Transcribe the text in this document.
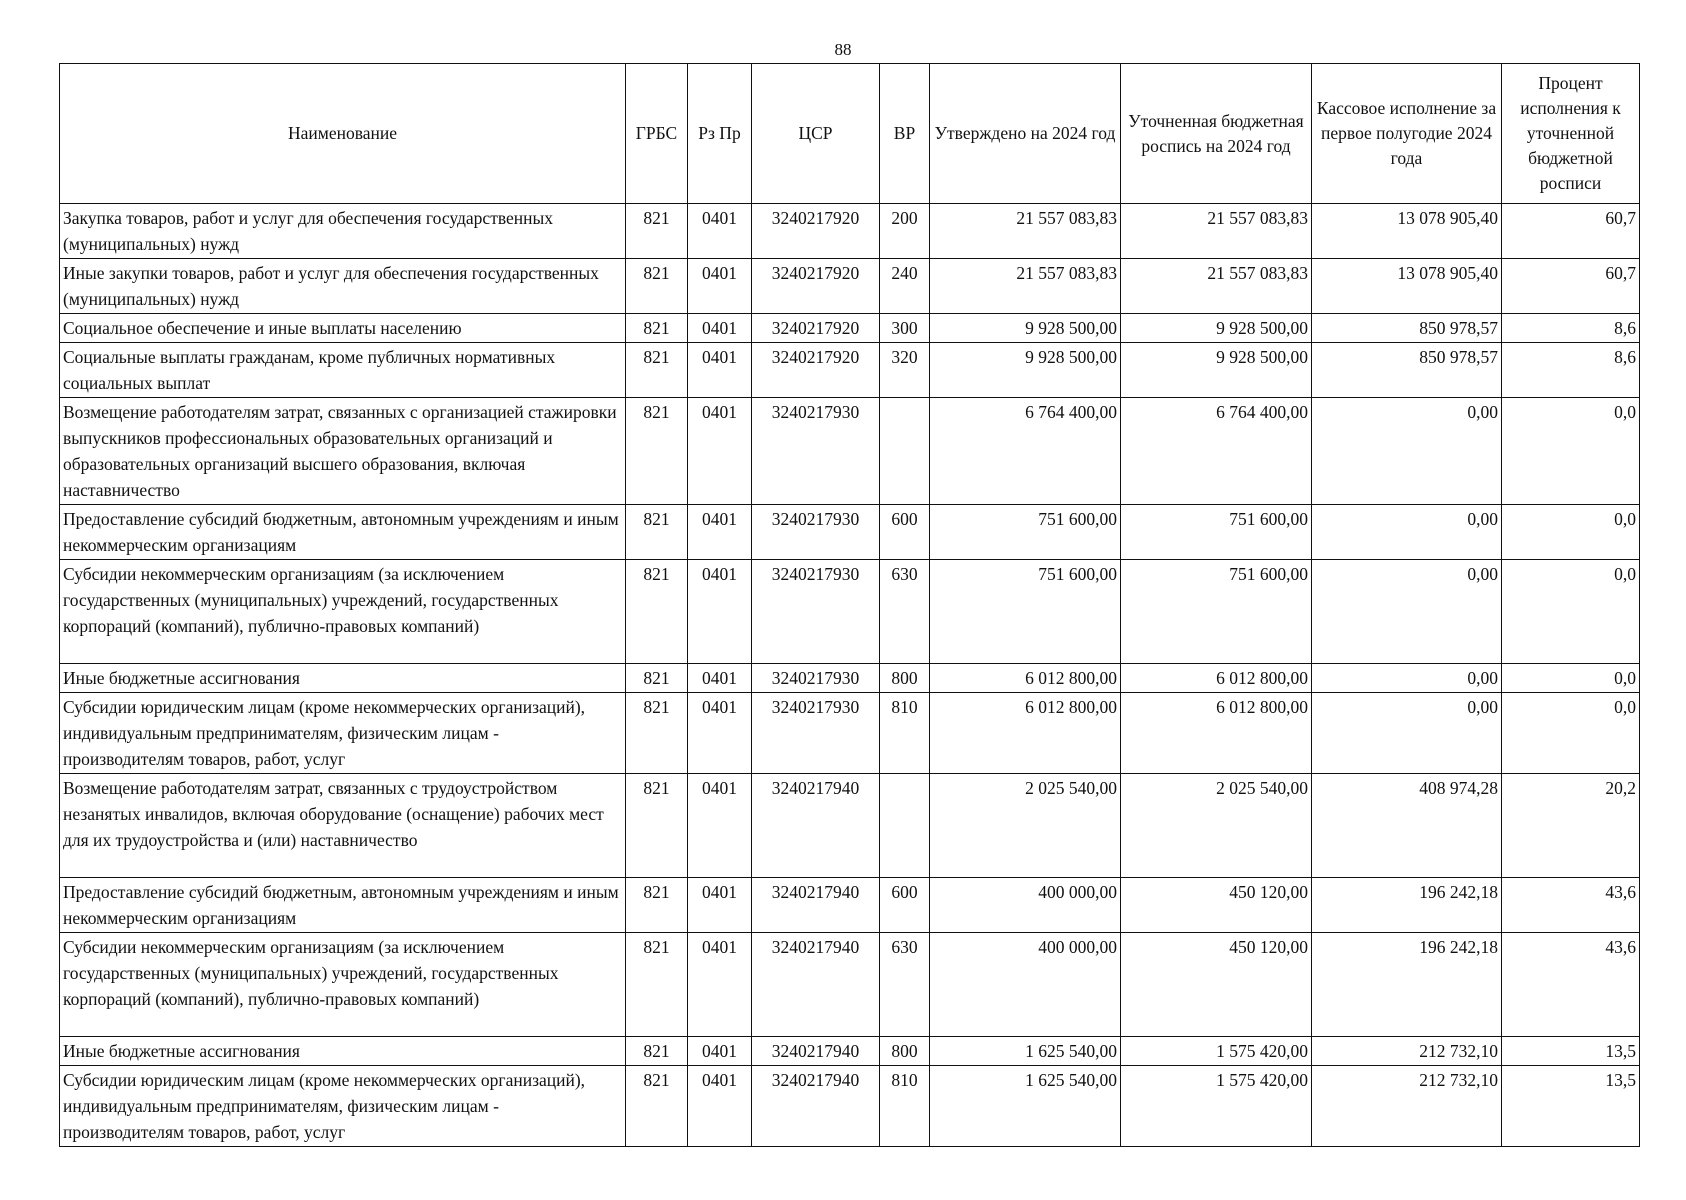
88
Наименование	ГРБС	Рз Пр	ЦСР	ВР	Утверждено на 2024 год	Уточненная бюджетная роспись на 2024 год	Кассовое исполнение за первое полугодие 2024 года	Процент исполнения к уточненной бюджетной росписи
Закупка товаров, работ и услуг для обеспечения государственных (муниципальных) нужд	821	0401	3240217920	200	21 557 083,83	21 557 083,83	13 078 905,40	60,7
Иные закупки товаров, работ и услуг для обеспечения государственных (муниципальных) нужд	821	0401	3240217920	240	21 557 083,83	21 557 083,83	13 078 905,40	60,7
Социальное обеспечение и иные выплаты населению	821	0401	3240217920	300	9 928 500,00	9 928 500,00	850 978,57	8,6
Социальные выплаты гражданам, кроме публичных нормативных социальных выплат	821	0401	3240217920	320	9 928 500,00	9 928 500,00	850 978,57	8,6
Возмещение работодателям затрат, связанных с организацией стажировки выпускников профессиональных образовательных организаций и образовательных организаций высшего образования, включая наставничество	821	0401	3240217930		6 764 400,00	6 764 400,00	0,00	0,0
Предоставление субсидий бюджетным, автономным учреждениям и иным некоммерческим организациям	821	0401	3240217930	600	751 600,00	751 600,00	0,00	0,0
Субсидии некоммерческим организациям (за исключением государственных (муниципальных) учреждений, государственных корпораций (компаний), публично-правовых компаний)	821	0401	3240217930	630	751 600,00	751 600,00	0,00	0,0
Иные бюджетные ассигнования	821	0401	3240217930	800	6 012 800,00	6 012 800,00	0,00	0,0
Субсидии юридическим лицам (кроме некоммерческих организаций), индивидуальным предпринимателям, физическим лицам - производителям товаров, работ, услуг	821	0401	3240217930	810	6 012 800,00	6 012 800,00	0,00	0,0
Возмещение работодателям затрат, связанных с трудоустройством незанятых инвалидов, включая оборудование (оснащение) рабочих мест для их трудоустройства и (или) наставничество	821	0401	3240217940		2 025 540,00	2 025 540,00	408 974,28	20,2
Предоставление субсидий бюджетным, автономным учреждениям и иным некоммерческим организациям	821	0401	3240217940	600	400 000,00	450 120,00	196 242,18	43,6
Субсидии некоммерческим организациям (за исключением государственных (муниципальных) учреждений, государственных корпораций (компаний), публично-правовых компаний)	821	0401	3240217940	630	400 000,00	450 120,00	196 242,18	43,6
Иные бюджетные ассигнования	821	0401	3240217940	800	1 625 540,00	1 575 420,00	212 732,10	13,5
Субсидии юридическим лицам (кроме некоммерческих организаций), индивидуальным предпринимателям, физическим лицам - производителям товаров, работ, услуг	821	0401	3240217940	810	1 625 540,00	1 575 420,00	212 732,10	13,5
